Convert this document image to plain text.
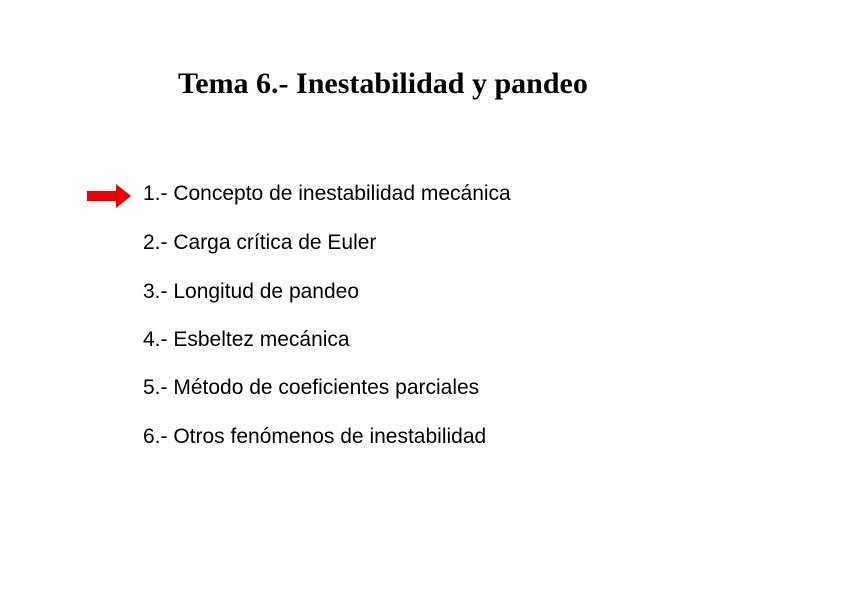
Tema 6.- Inestabilidad y pandeo
1.- Concepto de inestabilidad mecánica
2.- Carga crítica de Euler
3.- Longitud de pandeo
4.- Esbeltez mecánica
5.- Método de coeficientes parciales
6.- Otros fenómenos de inestabilidad
